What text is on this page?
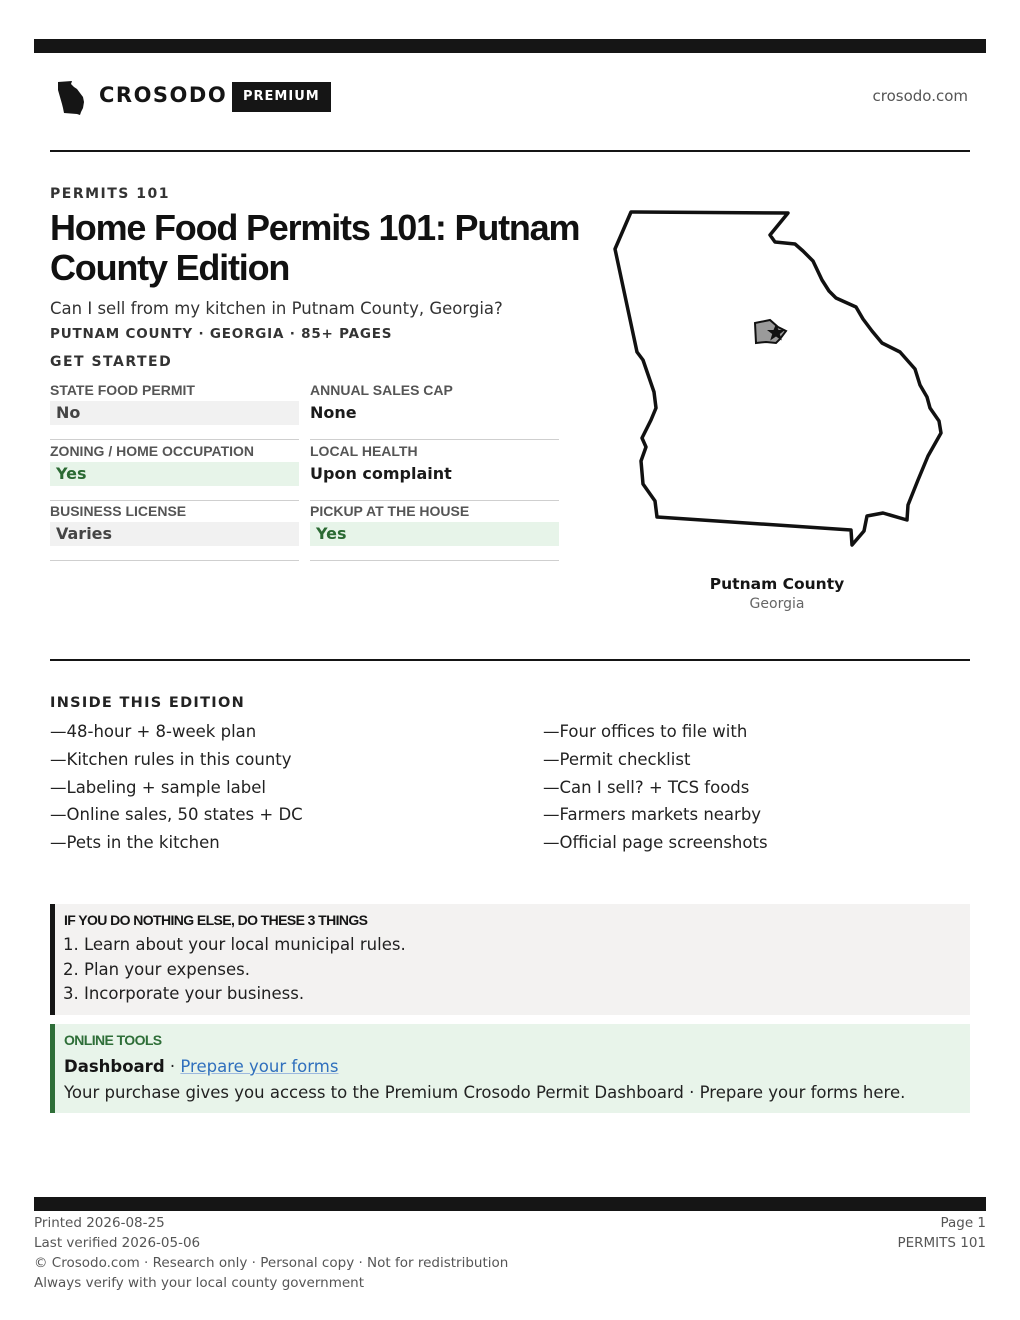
CROSODO	PREMIUM	crosodo.com
PERMITS 101
Home Food Permits 101: Putnam County Edition

Can I sell from my kitchen in Putnam County, Georgia?

PUTNAM COUNTY · GEORGIA · 85+ PAGES
GET STARTED
STATE FOOD PERMIT
No
ANNUAL SALES CAP
None
ZONING / HOME OCCUPATION
Yes
LOCAL HEALTH
Upon complaint
BUSINESS LICENSE
Varies
PICKUP AT THE HOUSE
Yes
Putnam County
Georgia
INSIDE THIS EDITION
—48-hour + 8-week plan
—Kitchen rules in this county
—Labeling + sample label
—Online sales, 50 states + DC
—Pets in the kitchen
—Four offices to file with
—Permit checklist
—Can I sell? + TCS foods
—Farmers markets nearby
—Official page screenshots
IF YOU DO NOTHING ELSE, DO THESE 3 THINGS
1. Learn about your local municipal rules.
2. Plan your expenses.
3. Incorporate your business.
ONLINE TOOLS
Dashboard · Prepare your forms
Your purchase gives you access to the Premium Crosodo Permit Dashboard · Prepare your forms here.
Printed 2026-08-25
Last verified 2026-05-06
© Crosodo.com · Research only · Personal copy · Not for redistribution
Always verify with your local county government
Page 1
PERMITS 101
